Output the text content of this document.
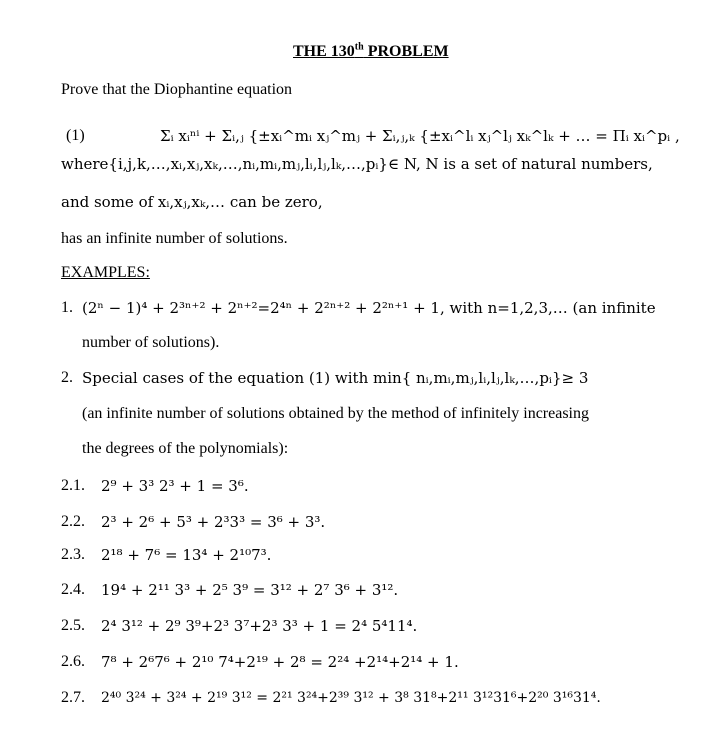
THE 130th PROBLEM
Prove that the Diophantine equation
(1)	Σᵢ xᵢⁿⁱ + Σᵢ,ⱼ {±xᵢ^mᵢ xⱼ^mⱼ + Σᵢ,ⱼ,ₖ {±xᵢ^lᵢ xⱼ^lⱼ xₖ^lₖ + … = Πᵢ xᵢ^pᵢ ,
where{i,j,k,…,xᵢ,xⱼ,xₖ,…,nᵢ,mᵢ,mⱼ,lᵢ,lⱼ,lₖ,…,pᵢ}∈ N, N is a set of natural numbers,
and some of xᵢ,xⱼ,xₖ,… can be zero,
has an infinite number of solutions.
EXAMPLES:
1. (2ⁿ − 1)⁴ + 2³ⁿ⁺² + 2ⁿ⁺²=2⁴ⁿ + 2²ⁿ⁺² + 2²ⁿ⁺¹ + 1, with n=1,2,3,… (an infinite
number of solutions).
2. Special cases of the equation (1) with min{ nᵢ,mᵢ,mⱼ,lᵢ,lⱼ,lₖ,…,pᵢ}≥ 3
(an infinite number of solutions obtained by the method of infinitely increasing
the degrees of the polynomials):
2.1. 2⁹ + 3³ 2³ + 1 = 3⁶.
2.2. 2³ + 2⁶ + 5³ + 2³3³ = 3⁶ + 3³.
2.3. 2¹⁸ + 7⁶ = 13⁴ + 2¹⁰7³.
2.4. 19⁴ + 2¹¹ 3³ + 2⁵ 3⁹ = 3¹² + 2⁷ 3⁶ + 3¹².
2.5. 2⁴ 3¹² + 2⁹ 3⁹+2³ 3⁷+2³ 3³ + 1 = 2⁴ 5⁴11⁴.
2.6. 7⁸ + 2⁶7⁶ + 2¹⁰ 7⁴+2¹⁹ + 2⁸ = 2²⁴ +2¹⁴+2¹⁴ + 1.
2.7. 2⁴⁰ 3²⁴ + 3²⁴ + 2¹⁹ 3¹² = 2²¹ 3²⁴+2³⁹ 3¹² + 3⁸ 31⁸+2¹¹ 3¹²31⁶+2²⁰ 3¹⁶31⁴.
